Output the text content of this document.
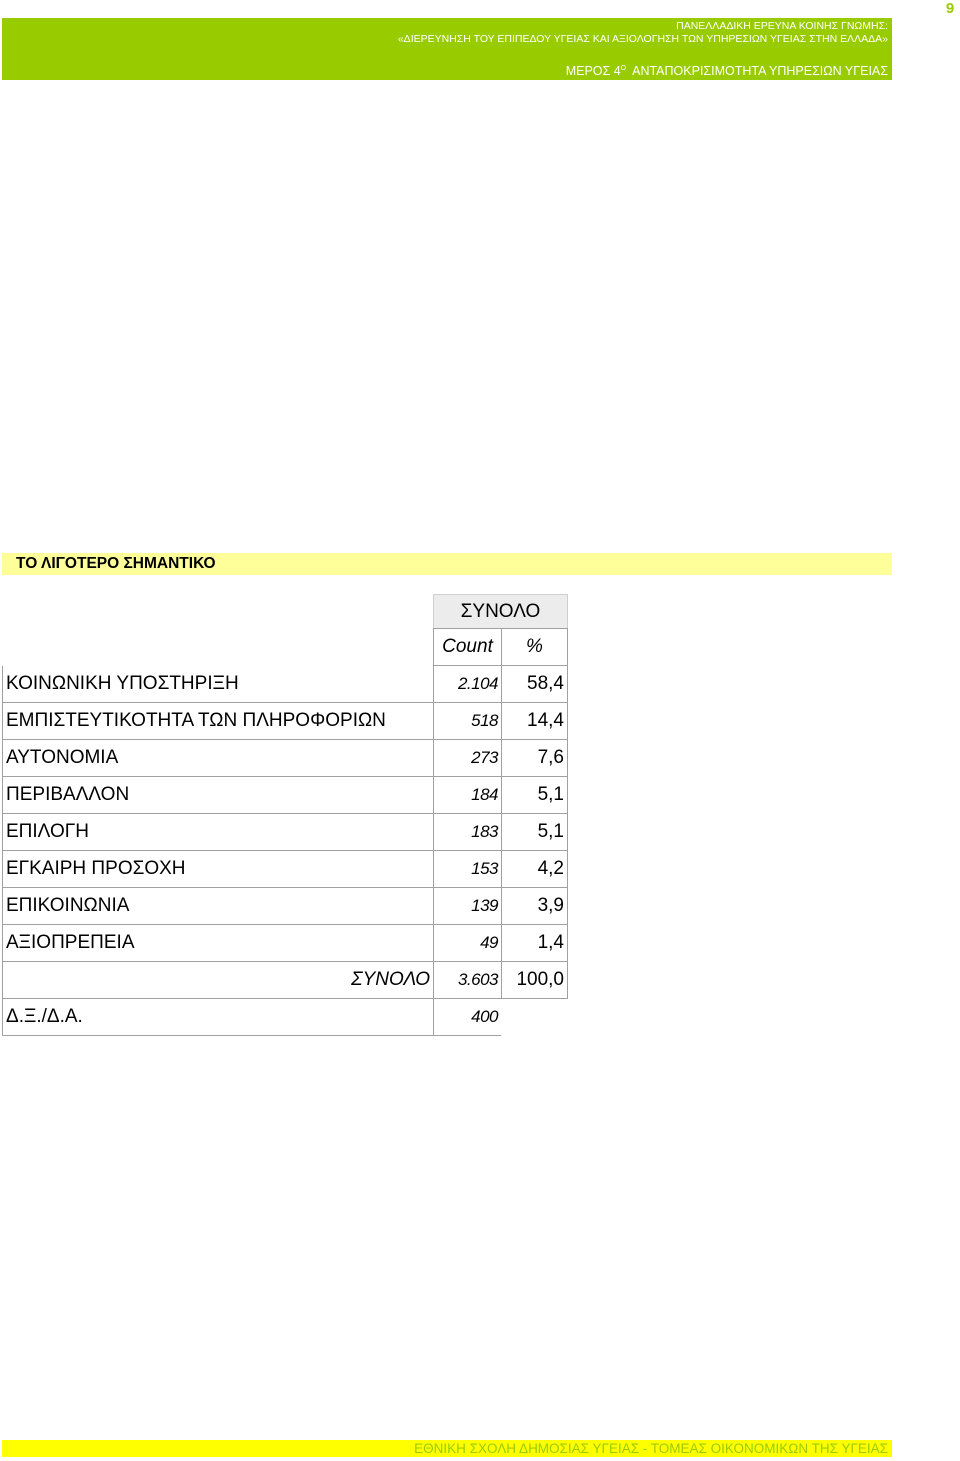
9
ΠΑΝΕΛΛΑΔΙΚΗ ΕΡΕΥΝΑ ΚΟΙΝΗΣ ΓΝΩΜΗΣ:
«ΔΙΕΡΕΥΝΗΣΗ ΤΟΥ ΕΠΙΠΕΔΟΥ ΥΓΕΙΑΣ ΚΑΙ ΑΞΙΟΛΟΓΗΣΗ ΤΩΝ ΥΠΗΡΕΣΙΩΝ ΥΓΕΙΑΣ ΣΤΗΝ ΕΛΛΑΔΑ»
ΜΕΡΟΣ $4^O$ ΑΝΤΑΠΟΚΡΙΣΙΜΟΤΗΤΑ ΥΠΗΡΕΣΙΩΝ ΥΓΕΙΑΣ
ΤΟ ΛΙΓΟΤΕΡΟ ΣΗΜΑΝΤΙΚΟ
ΣΥΝΟΛΟ
Count	%
ΚΟΙΝΩΝΙΚΗ ΥΠΟΣΤΗΡΙΞΗ	2.104	58,4
ΕΜΠΙΣΤΕΥΤΙΚΟΤΗΤΑ ΤΩΝ ΠΛΗΡΟΦΟΡΙΩΝ	518	14,4
ΑΥΤΟΝΟΜΙΑ	273	7,6
ΠΕΡΙΒΑΛΛΟΝ	184	5,1
ΕΠΙΛΟΓΗ	183	5,1
ΕΓΚΑΙΡΗ ΠΡΟΣΟΧΗ	153	4,2
ΕΠΙΚΟΙΝΩΝΙΑ	139	3,9
ΑΞΙΟΠΡΕΠΕΙΑ	49	1,4
ΣΥΝΟΛΟ	3.603 100,0
Δ.Ξ./Δ.Α.	400
ΕΘΝΙΚΗ ΣΧΟΛΗ ΔΗΜΟΣΙΑΣ ΥΓΕΙΑΣ - ΤΟΜΕΑΣ ΟΙΚΟΝΟΜΙΚΩΝ ΤΗΣ ΥΓΕΙΑΣ
